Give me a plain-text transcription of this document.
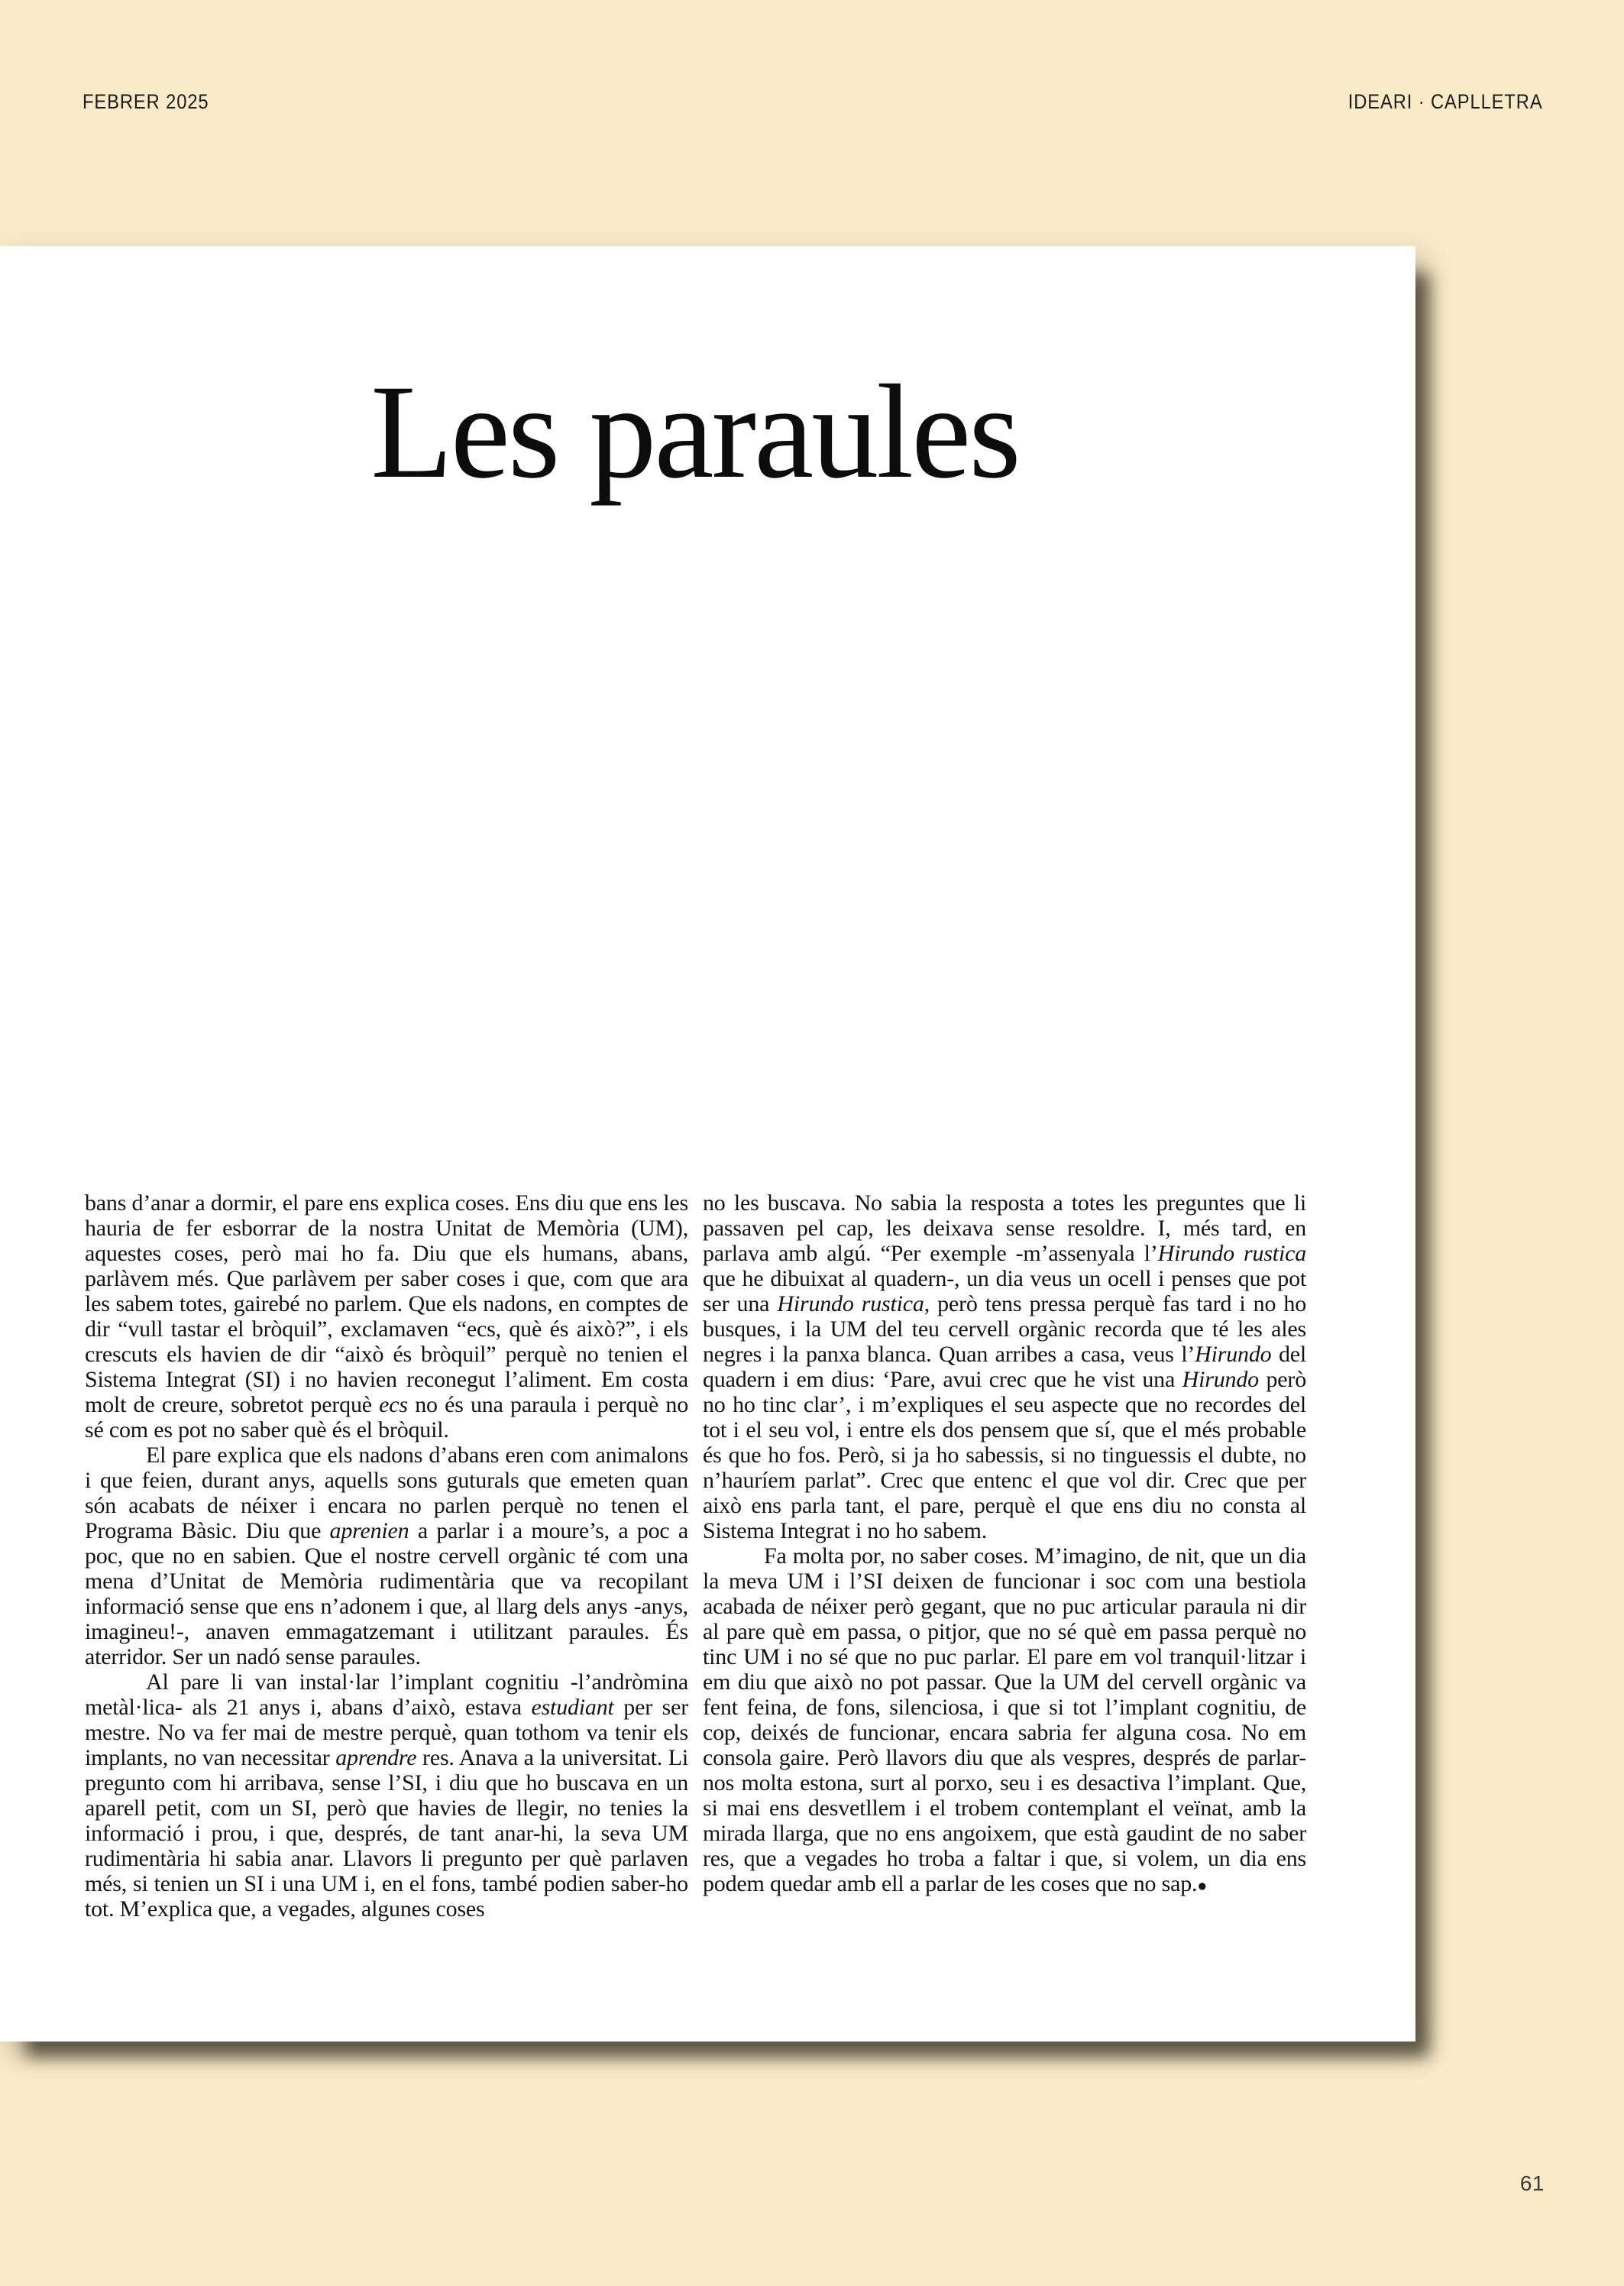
FEBRER 2025	IDEARI · CAPLLETRA
Les paraules

bans d’anar a dormir, el pare ens explica coses. Ens diu que ens les hauria de fer esborrar de la nostra Unitat de Memòria (UM), aquestes coses, però mai ho fa. Diu que els humans, abans, parlàvem més. Que parlàvem per saber coses i que, com que ara les sabem totes, gairebé no parlem. Que els nadons, en comptes de dir “vull tastar el bròquil”, exclamaven “ecs, què és això?”, i els crescuts els havien de dir “això és bròquil” perquè no tenien el Sistema Integrat (SI) i no havien reconegut l’aliment. Em costa molt de creure, sobretot perquè ecs no és una paraula i perquè no sé com es pot no saber què és el bròquil.

El pare explica que els nadons d’abans eren com animalons i que feien, durant anys, aquells sons guturals que emeten quan són acabats de néixer i encara no parlen perquè no tenen el Programa Bàsic. Diu que aprenien a parlar i a moure’s, a poc a poc, que no en sabien. Que el nostre cervell orgànic té com una mena d’Unitat de Memòria rudimentària que va recopilant informació sense que ens n’adonem i que, al llarg dels anys -anys, imagineu!-, anaven emmagatzemant i utilitzant paraules. És aterridor. Ser un nadó sense paraules.

Al pare li van instal·lar l’implant cognitiu -l’andròmina metàl·lica- als 21 anys i, abans d’això, estava estudiant per ser mestre. No va fer mai de mestre perquè, quan tothom va tenir els implants, no van necessitar aprendre res. Anava a la universitat. Li pregunto com hi arribava, sense l’SI, i diu que ho buscava en un aparell petit, com un SI, però que havies de llegir, no tenies la informació i prou, i que, després, de tant anar-hi, la seva UM rudimentària hi sabia anar. Llavors li pregunto per què parlaven més, si tenien un SI i una UM i, en el fons, també podien saber-ho tot. M’explica que, a vegades, algunes coses

no les buscava. No sabia la resposta a totes les preguntes que li passaven pel cap, les deixava sense resoldre. I, més tard, en parlava amb algú. “Per exemple -m’assenyala l’Hirundo rustica que he dibuixat al quadern-, un dia veus un ocell i penses que pot ser una Hirundo rustica, però tens pressa perquè fas tard i no ho busques, i la UM del teu cervell orgànic recorda que té les ales negres i la panxa blanca. Quan arribes a casa, veus l’Hirundo del quadern i em dius: ‘Pare, avui crec que he vist una Hirundo però no ho tinc clar’, i m’expliques el seu aspecte que no recordes del tot i el seu vol, i entre els dos pensem que sí, que el més probable és que ho fos. Però, si ja ho sabessis, si no tinguessis el dubte, no n’hauríem parlat”. Crec que entenc el que vol dir. Crec que per això ens parla tant, el pare, perquè el que ens diu no consta al Sistema Integrat i no ho sabem.

Fa molta por, no saber coses. M’imagino, de nit, que un dia la meva UM i l’SI deixen de funcionar i soc com una bestiola acabada de néixer però gegant, que no puc articular paraula ni dir al pare què em passa, o pitjor, que no sé què em passa perquè no tinc UM i no sé que no puc parlar. El pare em vol tranquil·litzar i em diu que això no pot passar. Que la UM del cervell orgànic va fent feina, de fons, silenciosa, i que si tot l’implant cognitiu, de cop, deixés de funcionar, encara sabria fer alguna cosa. No em consola gaire. Però llavors diu que als vespres, després de parlar-nos molta estona, surt al porxo, seu i es desactiva l’implant. Que, si mai ens desvetllem i el trobem contemplant el veïnat, amb la mirada llarga, que no ens angoixem, que està gaudint de no saber res, que a vegades ho troba a faltar i que, si volem, un dia ens podem quedar amb ell a parlar de les coses que no sap.●

61
